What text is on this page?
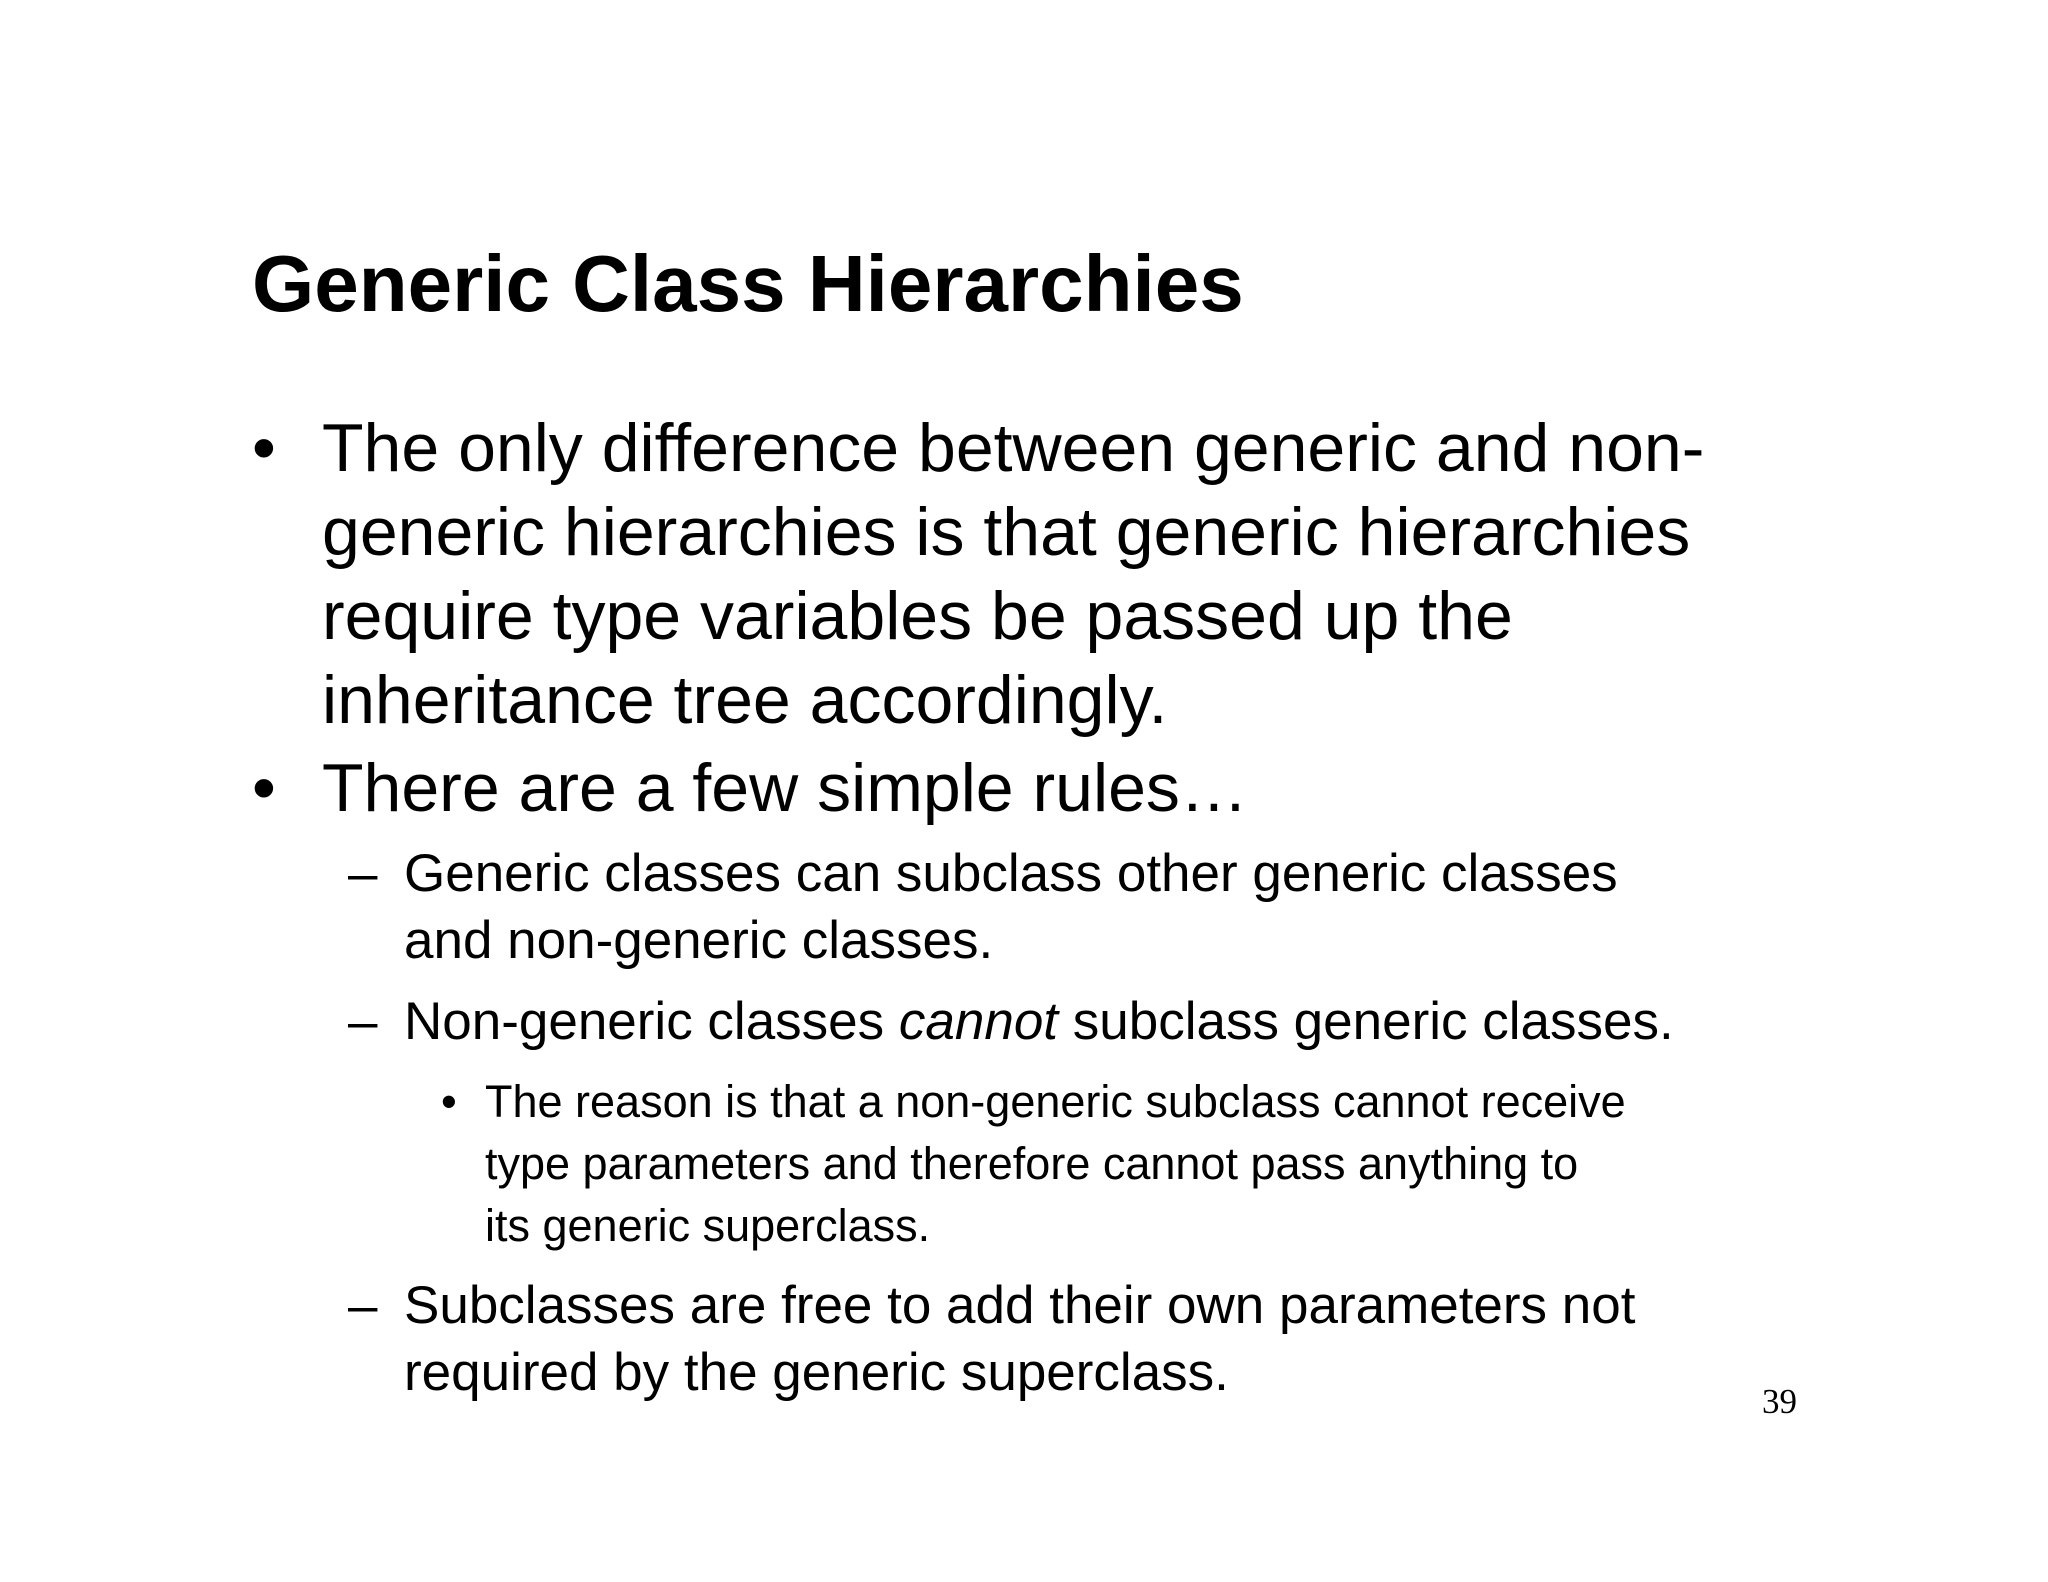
Generic Class Hierarchies
• The only difference between generic and non-
generic hierarchies is that generic hierarchies
require type variables be passed up the
inheritance tree accordingly.
• There are a few simple rules…
– Generic classes can subclass other generic classes
and non-generic classes.
– Non-generic classes cannot subclass generic classes.
• The reason is that a non-generic subclass cannot receive
type parameters and therefore cannot pass anything to
its generic superclass.
– Subclasses are free to add their own parameters not
required by the generic superclass.	39
